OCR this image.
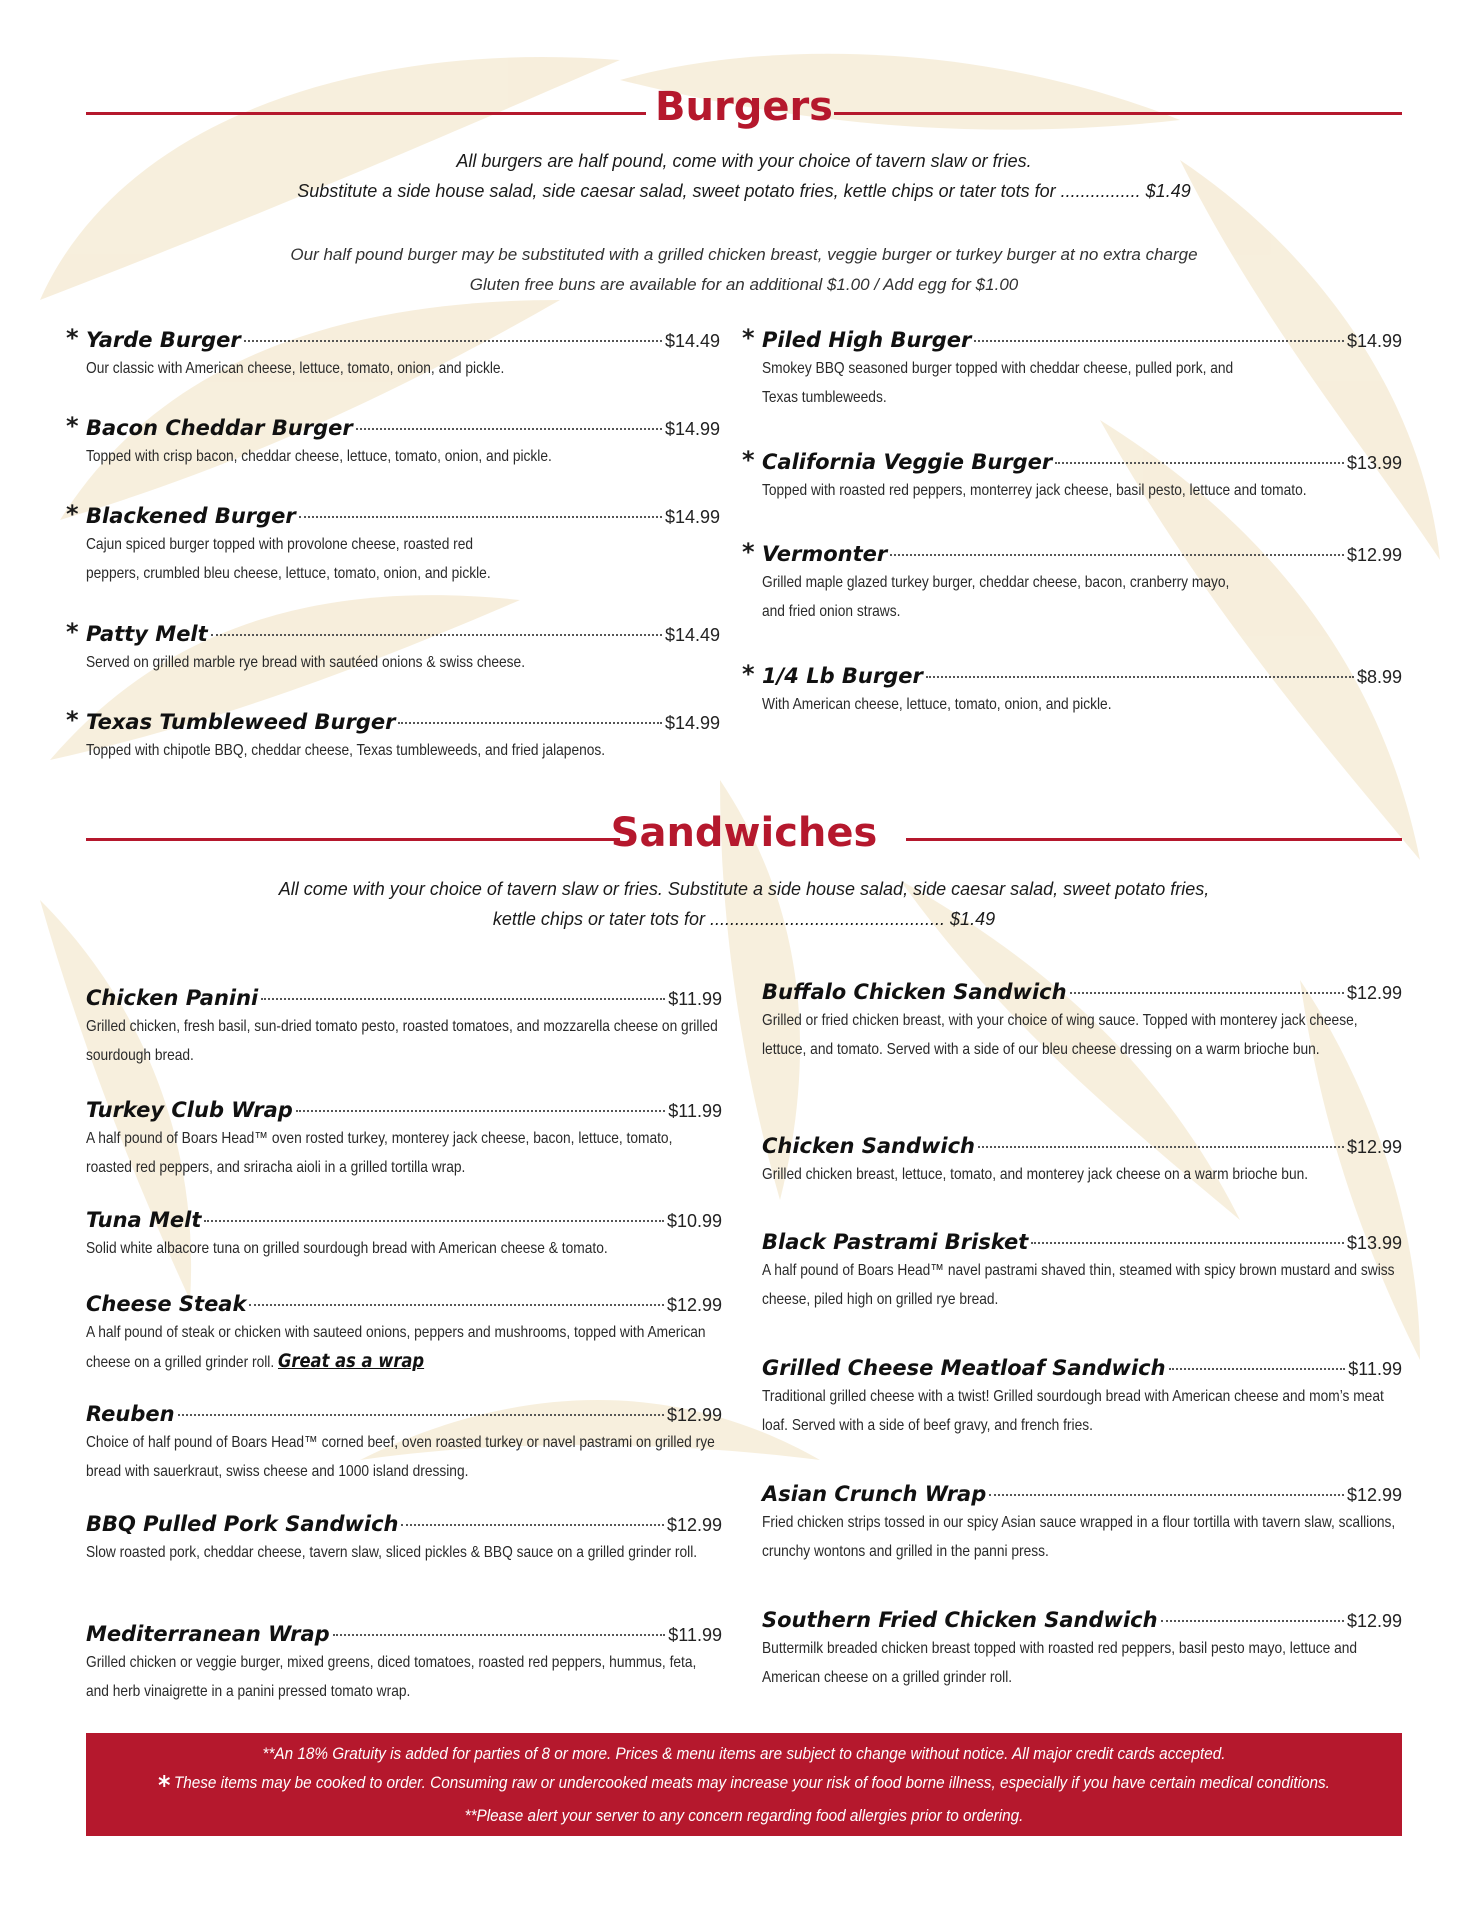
Burgers
All burgers are half pound, come with your choice of tavern slaw or fries.
Substitute a side house salad, side caesar salad, sweet potato fries, kettle chips or tater tots for ................ $1.49
Our half pound burger may be substituted with a grilled chicken breast, veggie burger or turkey burger at no extra charge
Gluten free buns are available for an additional $1.00 / Add egg for $1.00
* Yarde Burger	$14.49
Our classic with American cheese, lettuce, tomato, onion, and pickle.
* Bacon Cheddar Burger	$14.99
Topped with crisp bacon, cheddar cheese, lettuce, tomato, onion, and pickle.
* Blackened Burger	$14.99
Cajun spiced burger topped with provolone cheese, roasted red peppers, crumbled bleu cheese, lettuce, tomato, onion, and pickle.
* Patty Melt	$14.49
Served on grilled marble rye bread with sautéed onions & swiss cheese.
* Texas Tumbleweed Burger	$14.99
Topped with chipotle BBQ, cheddar cheese, Texas tumbleweeds, and fried jalapenos.
* Piled High Burger	$14.99
Smokey BBQ seasoned burger topped with cheddar cheese, pulled pork, and Texas tumbleweeds.
* California Veggie Burger	$13.99
Topped with roasted red peppers, monterrey jack cheese, basil pesto, lettuce and tomato.
* Vermonter	$12.99
Grilled maple glazed turkey burger, cheddar cheese, bacon, cranberry mayo, and fried onion straws.
* 1/4 Lb Burger	$8.99
With American cheese, lettuce, tomato, onion, and pickle.
Sandwiches
All come with your choice of tavern slaw or fries. Substitute a side house salad, side caesar salad, sweet potato fries,
kettle chips or tater tots for ............................................... $1.49
Chicken Panini	$11.99
Grilled chicken, fresh basil, sun-dried tomato pesto, roasted tomatoes, and mozzarella cheese on grilled sourdough bread.
Turkey Club Wrap	$11.99
A half pound of Boars Head™ oven rosted turkey, monterey jack cheese, bacon, lettuce, tomato, roasted red peppers, and sriracha aioli in a grilled tortilla wrap.
Tuna Melt	$10.99
Solid white albacore tuna on grilled sourdough bread with American cheese & tomato.
Cheese Steak	$12.99
A half pound of steak or chicken with sauteed onions, peppers and mushrooms, topped with American cheese on a grilled grinder roll. Great as a wrap
Reuben	$12.99
Choice of half pound of Boars Head™ corned beef, oven roasted turkey or navel pastrami on grilled rye bread with sauerkraut, swiss cheese and 1000 island dressing.
BBQ Pulled Pork Sandwich	$12.99
Slow roasted pork, cheddar cheese, tavern slaw, sliced pickles & BBQ sauce on a grilled grinder roll.
Mediterranean Wrap	$11.99
Grilled chicken or veggie burger, mixed greens, diced tomatoes, roasted red peppers, hummus, feta, and herb vinaigrette in a panini pressed tomato wrap.
Buffalo Chicken Sandwich	$12.99
Grilled or fried chicken breast, with your choice of wing sauce. Topped with monterey jack cheese, lettuce, and tomato. Served with a side of our bleu cheese dressing on a warm brioche bun.
Chicken Sandwich	$12.99
Grilled chicken breast, lettuce, tomato, and monterey jack cheese on a warm brioche bun.
Black Pastrami Brisket	$13.99
A half pound of Boars Head™ navel pastrami shaved thin, steamed with spicy brown mustard and swiss cheese, piled high on grilled rye bread.
Grilled Cheese Meatloaf Sandwich	$11.99
Traditional grilled cheese with a twist! Grilled sourdough bread with American cheese and mom’s meat loaf. Served with a side of beef gravy, and french fries.
Asian Crunch Wrap	$12.99
Fried chicken strips tossed in our spicy Asian sauce wrapped in a flour tortilla with tavern slaw, scallions, crunchy wontons and grilled in the panni press.
Southern Fried Chicken Sandwich	$12.99
Buttermilk breaded chicken breast topped with roasted red peppers, basil pesto mayo, lettuce and American cheese on a grilled grinder roll.
**An 18% Gratuity is added for parties of 8 or more. Prices & menu items are subject to change without notice. All major credit cards accepted.
* These items may be cooked to order. Consuming raw or undercooked meats may increase your risk of food borne illness, especially if you have certain medical conditions.
**Please alert your server to any concern regarding food allergies prior to ordering.
